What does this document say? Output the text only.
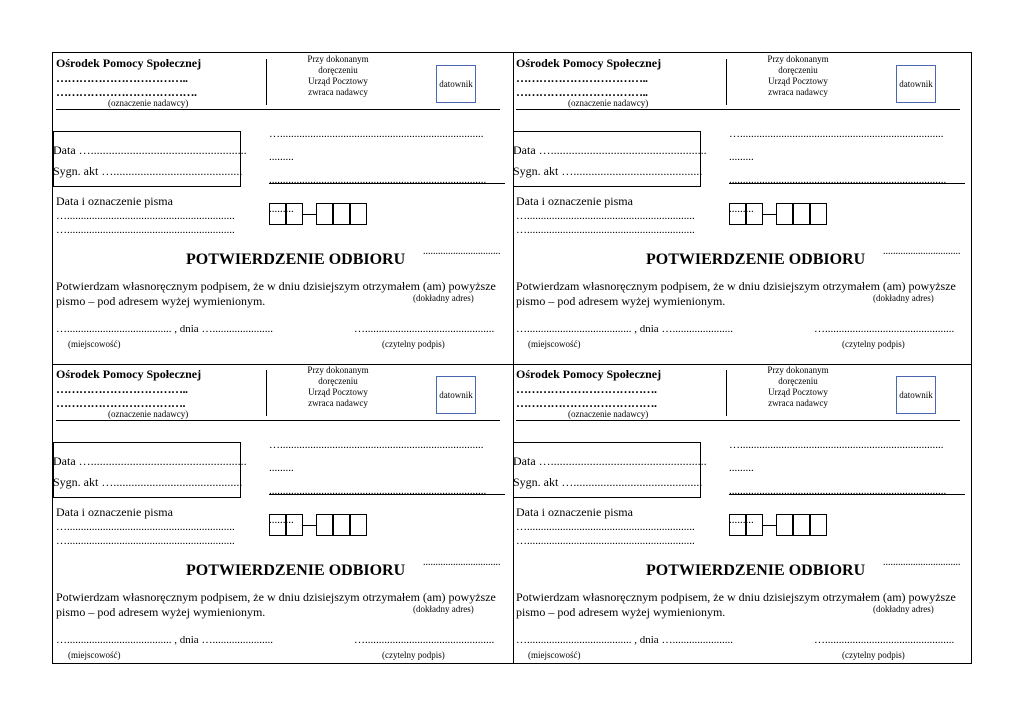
Ośrodek Pomocy Społecznej
……………………………..
……………………………….
(oznaczenie nadawcy)
Przy dokonanym
doręczeniu
Urząd Pocztowy
zwraca nadawcy
datownik
Data …....................................................
Sygn. akt …...........................................
…..........................................................................
.........
...............................................................................
.........
Data i oznaczenie pisma
….............................................................
….............................................................
POTWIERDZENIE ODBIORU ...............................
Potwierdzam własnoręcznym podpisem, że w dniu dzisiejszym otrzymałem (am) powyższe
pismo – pod adresem wyżej wymienionym.	(dokładny adres)
…...................................... , dnia …......................	…...............................................
(miejscowość)	(czytelny podpis)
Ośrodek Pomocy Społecznej
……………………………..
……………………………..
(oznaczenie nadawcy)
Przy dokonanym
doręczeniu
Urząd Pocztowy
zwraca nadawcy
datownik
Data …....................................................
Sygn. akt …...........................................
…..........................................................................
.........
...............................................................................
.........
Data i oznaczenie pisma
….............................................................
….............................................................
POTWIERDZENIE ODBIORU ...............................
Potwierdzam własnoręcznym podpisem, że w dniu dzisiejszym otrzymałem (am) powyższe
pismo – pod adresem wyżej wymienionym.	(dokładny adres)
…...................................... , dnia …......................	…...............................................
(miejscowość)	(czytelny podpis)
Ośrodek Pomocy Społecznej
……………………………..
…………………………….
(oznaczenie nadawcy)
Przy dokonanym
doręczeniu
Urząd Pocztowy
zwraca nadawcy
datownik
Data …....................................................
Sygn. akt …...........................................
…..........................................................................
.........
...............................................................................
.........
Data i oznaczenie pisma
….............................................................
….............................................................
POTWIERDZENIE ODBIORU ...............................
Potwierdzam własnoręcznym podpisem, że w dniu dzisiejszym otrzymałem (am) powyższe
pismo – pod adresem wyżej wymienionym.	(dokładny adres)
…...................................... , dnia …......................	…...............................................
(miejscowość)	(czytelny podpis)
Ośrodek Pomocy Społecznej
……………………………….
……………………………….
(oznaczenie nadawcy)
Przy dokonanym
doręczeniu
Urząd Pocztowy
zwraca nadawcy
datownik
Data …....................................................
Sygn. akt …...........................................
…..........................................................................
.........
...............................................................................
.........
Data i oznaczenie pisma
….............................................................
….............................................................
POTWIERDZENIE ODBIORU ...............................
Potwierdzam własnoręcznym podpisem, że w dniu dzisiejszym otrzymałem (am) powyższe
pismo – pod adresem wyżej wymienionym.	(dokładny adres)
…...................................... , dnia …......................	…...............................................
(miejscowość)	(czytelny podpis)
